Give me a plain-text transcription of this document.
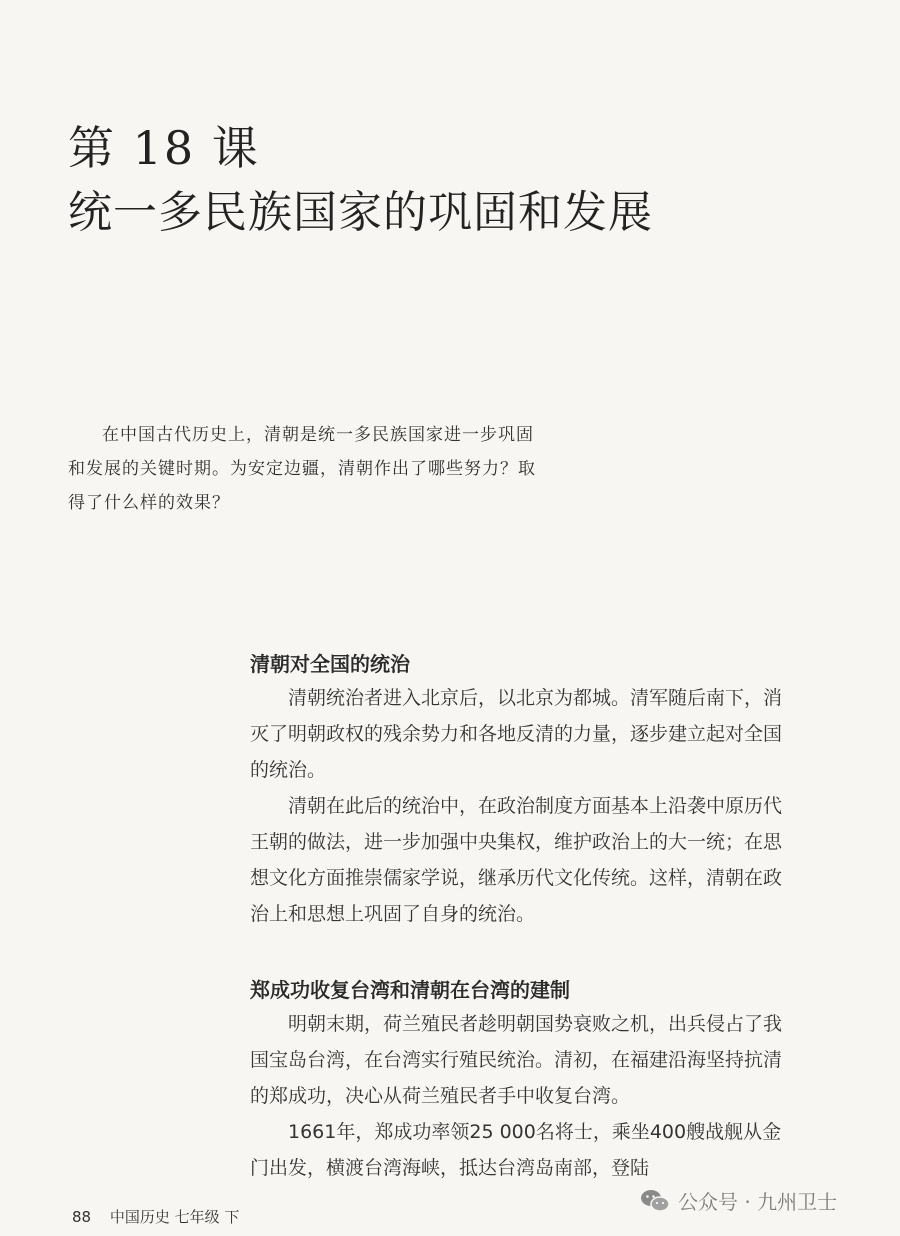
第 18 课
统一多民族国家的巩固和发展

在中国古代历史上，清朝是统一多民族国家进一步巩固和发展的关键时期。为安定边疆，清朝作出了哪些努力？取得了什么样的效果？

清朝对全国的统治

清朝统治者进入北京后，以北京为都城。清军随后南下，消灭了明朝政权的残余势力和各地反清的力量，逐步建立起对全国的统治。

清朝在此后的统治中，在政治制度方面基本上沿袭中原历代王朝的做法，进一步加强中央集权，维护政治上的大一统；在思想文化方面推崇儒家学说，继承历代文化传统。这样，清朝在政治上和思想上巩固了自身的统治。

郑成功收复台湾和清朝在台湾的建制

明朝末期，荷兰殖民者趁明朝国势衰败之机，出兵侵占了我国宝岛台湾，在台湾实行殖民统治。清初，在福建沿海坚持抗清的郑成功，决心从荷兰殖民者手中收复台湾。

1661年，郑成功率领25 000名将士，乘坐400艘战舰从金门出发，横渡台湾海峡，抵达台湾岛南部，登陆

88 中国历史 七年级 下
公众号 · 九州卫士
